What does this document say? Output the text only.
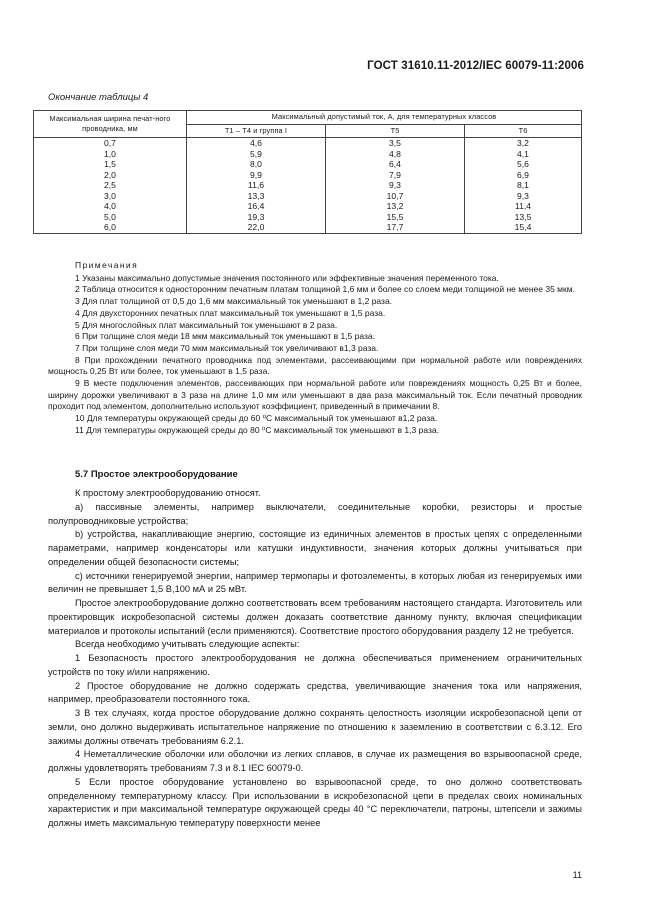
ГОСТ 31610.11-2012/IEC 60079-11:2006
Окончание таблицы 4
Максимальная ширина печат-ного проводника, мм	Максимальный допустимый ток, А, для температурных классов		
	Т1 – Т4 и группа I	Т5	Т6
0,7	4,6	3,5	3,2
1,0	5,9	4,8	4,1
1,5	8,0	6,4	5,6
2,0	9,9	7,9	6,9
2,5	11,6	9,3	8,1
3,0	13,3	10,7	9,3
4,0	16,4	13,2	11,4
5,0	19,3	15,5	13,5
6,0	22,0	17,7	15,4

Примечания

1 Указаны максимально допустимые значения постоянного или эффективные значения переменного тока.

2 Таблица относится к односторонним печатным платам толщиной 1,6 мм и более со слоем меди толщиной не менее 35 мкм.

3 Для плат толщиной от 0,5 до 1,6 мм максимальный ток уменьшают в 1,2 раза.

4 Для двухсторонних печатных плат максимальный ток уменьшают в 1,5 раза.

5 Для многослойных плат максимальный ток уменьшают в 2 раза.

6 При толщине слоя меди 18 мкм максимальный ток уменьшают в 1,5 раза.

7 При толщине слоя меди 70 мкм максимальный ток увеличивают в1,3 раза.

8 При прохождении печатного проводника под элементами, рассеивающими при нормальной работе или повреждениях мощность 0,25 Вт или более, ток уменьшают в 1,5 раза.

9 В месте подключения элементов, рассеивающих при нормальной работе или повреждениях мощность 0,25 Вт и более, ширину дорожки увеличивают в 3 раза на длине 1,0 мм или уменьшают в два раза максимальный ток. Если печатный проводник проходит под элементом, дополнительно используют коэффициент, приведенный в примечании 8.

10 Для температуры окружающей среды до 60 ⁰С максимальный ток уменьшают в1,2 раза.

11 Для температуры окружающей среды до 80 ⁰С максимальный ток уменьшают в 1,3 раза.

5.7 Простое электрооборудование

К простому электрооборудованию относят.

a) пассивные элементы, например выключатели, соединительные коробки, резисторы и простые полупроводниковые устройства;

b) устройства, накапливающие энергию, состоящие из единичных элементов в простых цепях с определенными параметрами, например конденсаторы или катушки индуктивности, значения которых должны учитываться при определении общей безопасности системы;

c) источники генерируемой энергии, например термопары и фотоэлементы, в которых любая из генерируемых ими величин не превышает 1,5 В,100 мА и 25 мВт.

Простое электрооборудование должно соответствовать всем требованиям настоящего стандарта. Изготовитель или проектировщик искробезопасной системы должен доказать соответствие данному пункту, включая спецификации материалов и протоколы испытаний (если применяются). Соответствие простого оборудования разделу 12 не требуется.

Всегда необходимо учитывать следующие аспекты:

1 Безопасность простого электрооборудования не должна обеспечиваться применением ограничительных устройств по току и/или напряжению.

2 Простое оборудование не должно содержать средства, увеличивающие значения тока или напряжения, например, преобразователи постоянного тока.

3 В тех случаях, когда простое оборудование должно сохранять целостность изоляции искробезопасной цепи от земли, оно должно выдерживать испытательное напряжение по отношению к заземлению в соответствии с 6.3.12. Его зажимы должны отвечать требованиям 6.2.1.

4 Неметаллические оболочки или оболочки из легких сплавов, в случае их размещения во взрывоопасной среде, должны удовлетворять требованиям 7.3 и 8.1 IEC 60079-0.

5 Если простое оборудование установлено во взрывоопасной среде, то оно должно соответствовать определенному температурному классу. При использовании в искробезопасной цепи в пределах своих номинальных характеристик и при максимальной температуре окружающей среды 40 °С переключатели, патроны, штепсели и зажимы должны иметь максимальную температуру поверхности менее

11
